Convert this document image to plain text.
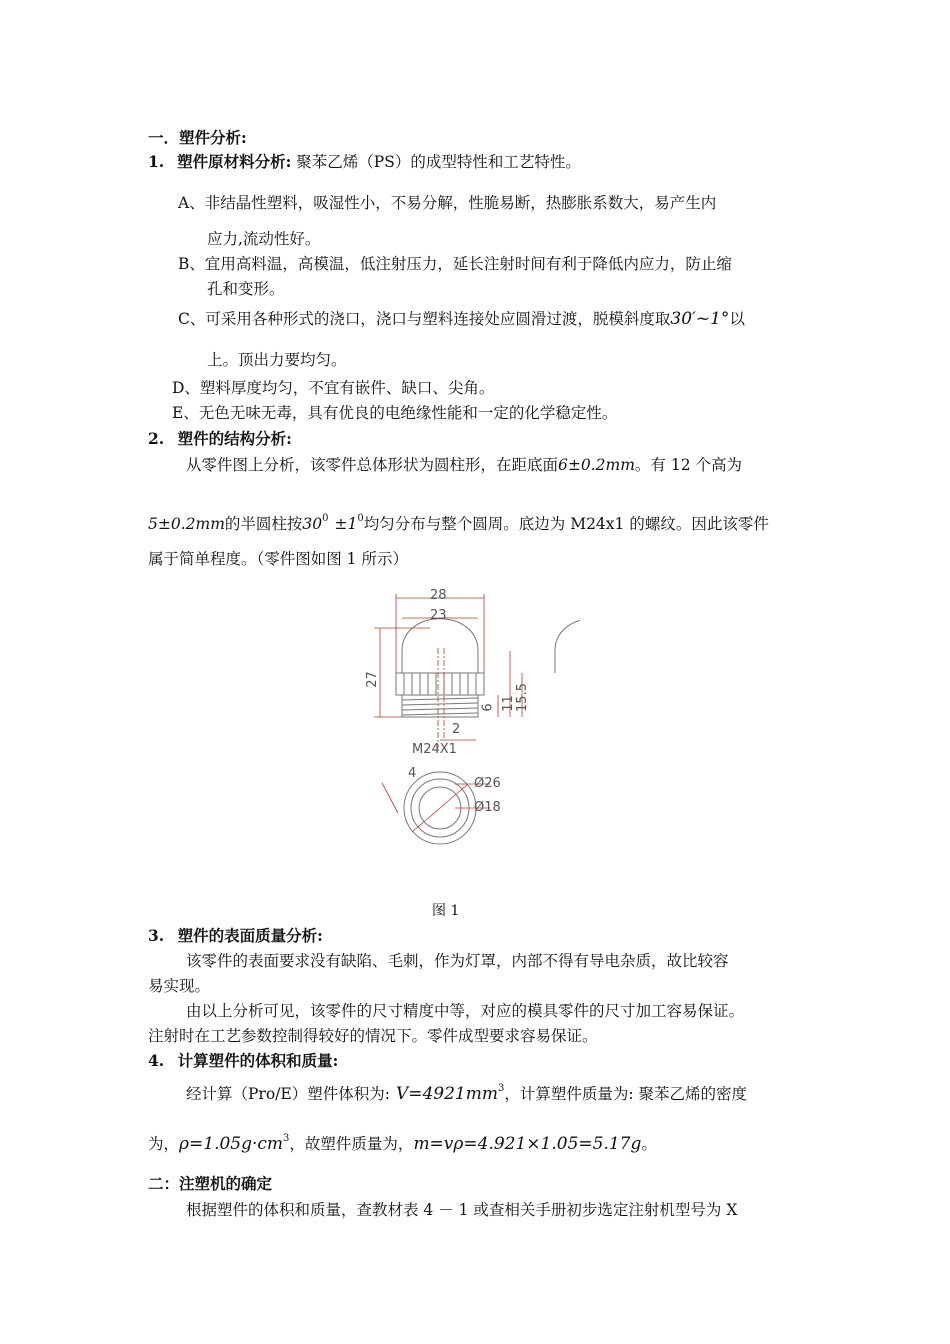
一．塑件分析:
1. 塑件原材料分析: 聚苯乙烯（PS）的成型特性和工艺特性。
A、非结晶性塑料，吸湿性小，不易分解，性脆易断，热膨胀系数大，易产生内
应力,流动性好。
B、宜用高料温，高模温，低注射压力，延长注射时间有利于降低内应力，防止缩
孔和变形。
C、可采用各种形式的浇口，浇口与塑料连接处应圆滑过渡，脱模斜度取30′~1°以
上。顶出力要均匀。
D、塑料厚度均匀，不宜有嵌件、缺口、尖角。
E、无色无味无毒，具有优良的电绝缘性能和一定的化学稳定性。
2. 塑件的结构分析:
从零件图上分析，该零件总体形状为圆柱形，在距底面6±0.2mm。有 12 个高为
5±0.2mm的半圆柱按$30^0 \pm 1^0$均匀分布与整个圆周。底边为 M24x1 的螺纹。因此该零件
属于简单程度。（零件图如图 1 所示）
28
23
27
2
M24X1
6 11 15.5
4
Ø26
Ø18
图 1
3. 塑件的表面质量分析:
该零件的表面要求没有缺陷、毛刺，作为灯罩，内部不得有导电杂质，故比较容
易实现。
由以上分析可见，该零件的尺寸精度中等，对应的模具零件的尺寸加工容易保证。
注射时在工艺参数控制得较好的情况下。零件成型要求容易保证。
4. 计算塑件的体积和质量:
经计算（Pro/E）塑件体积为: $V=4921mm^3$，计算塑件质量为: 聚苯乙烯的密度
为，$\rho=1.05g\cdot cm^3$，故塑件质量为，m=vρ=4.921×1.05=5.17g。
二：注塑机的确定
根据塑件的体积和质量，查教材表 4 － 1 或查相关手册初步选定注射机型号为 X
